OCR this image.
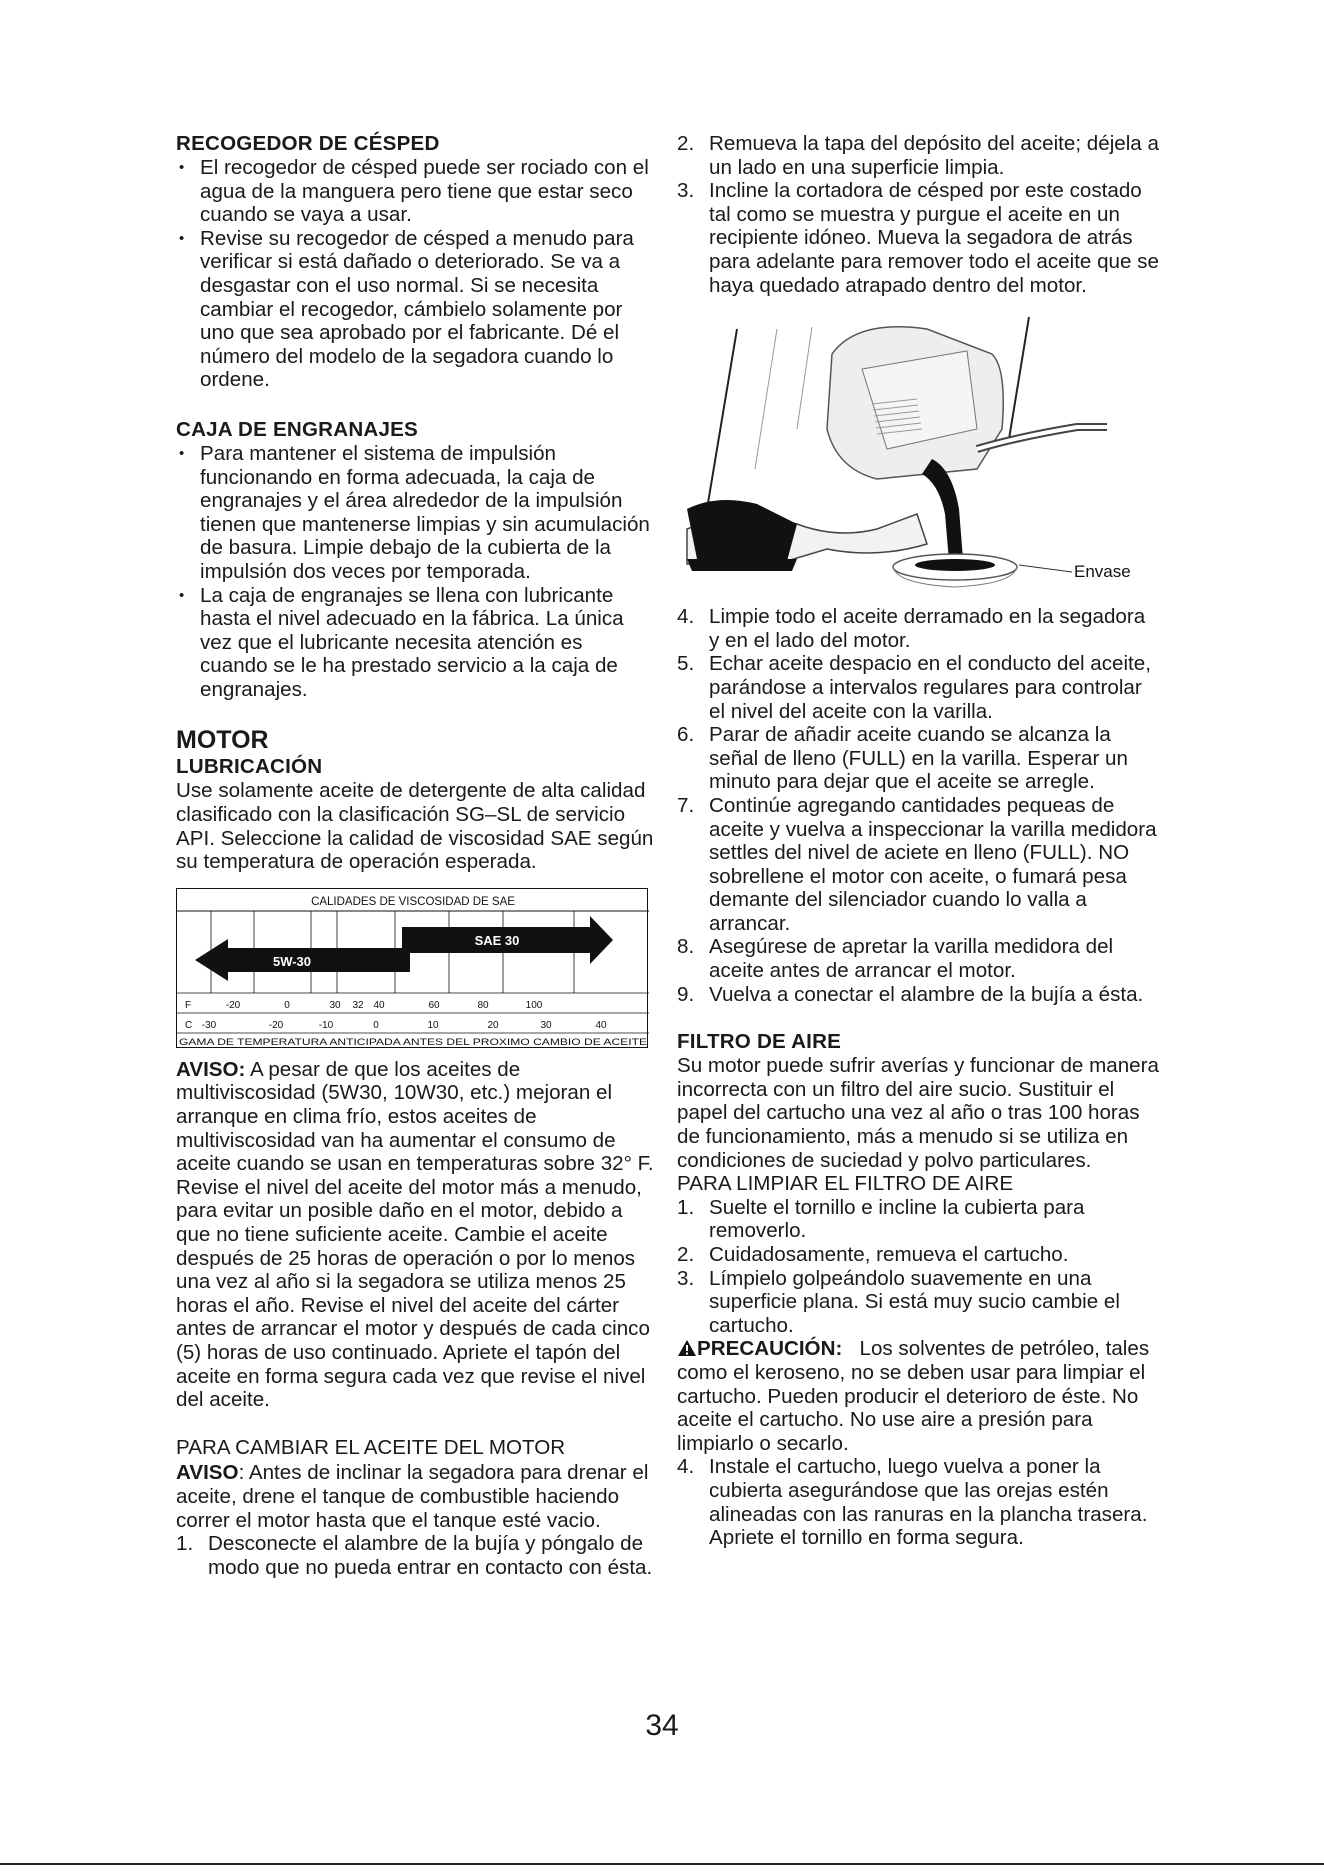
RECOGEDOR DE CÉSPED
• El recogedor de césped puede ser rociado con el agua de la manguera pero tiene que estar seco cuando se vaya a usar.
• Revise su recogedor de césped a menudo para verificar si está dañado o deteriorado. Se va a desgastar con el uso normal. Si se necesita cambiar el recogedor, cámbielo solamente por uno que sea aprobado por el fabricante. Dé el número del modelo de la segadora cuando lo ordene.
CAJA DE ENGRANAJES
• Para mantener el sistema de impulsión funcionando en forma adecuada, la caja de engranajes y el área alrededor de la impulsión tienen que mantenerse limpias y sin acumulación de basura. Limpie debajo de la cubierta de la impulsión dos veces por temporada.
• La caja de engranajes se llena con lubricante hasta el nivel adecuado en la fábrica. La única vez que el lubricante necesita atención es cuando se le ha prestado servicio a la caja de engranajes.
MOTOR
LUBRICACIÓN

Use solamente aceite de detergente de alta calidad clasificado con la clasificación SG–SL de servicio API. Seleccione la calidad de viscosidad SAE según su temperatura de operación esperada.

CALIDADES DE VISCOSIDAD DE SAE
SAE 30
5W-30
F	-20	0	30 32 40	60	80	100
C -30	-20	-10	0	10	20	30	40
GAMA DE TEMPERATURA ANTICIPADA ANTES DEL PROXIMO CAMBIO DE ACEITE

AVISO: A pesar de que los aceites de multiviscosidad (5W30, 10W30, etc.) mejoran el arranque en clima frío, estos aceites de multiviscosidad van ha aumentar el consumo de aceite cuando se usan en temperaturas sobre 32° F. Revise el nivel del aceite del motor más a menudo, para evitar un posible daño en el motor, debido a que no tiene suficiente aceite. Cambie el aceite después de 25 horas de operación o por lo menos una vez al año si la segadora se utiliza menos 25 horas el año. Revise el nivel del aceite del cárter antes de arrancar el motor y después de cada cinco (5) horas de uso continuado. Apriete el tapón del aceite en forma segura cada vez que revise el nivel del aceite.

PARA CAMBIAR EL ACEITE DEL MOTOR

AVISO: Antes de inclinar la segadora para drenar el aceite, drene el tanque de combustible haciendo correr el motor hasta que el tanque esté vacio.

1. Desconecte el alambre de la bujía y póngalo de modo que no pueda entrar en contacto con ésta.
2. Remueva la tapa del depósito del aceite; déjela a un lado en una superficie limpia.
3. Incline la cortadora de césped por este costado tal como se muestra y purgue el aceite en un recipiente idóneo. Mueva la segadora de atrás para adelante para remover todo el aceite que se haya quedado atrapado dentro del motor.
Envase
4. Limpie todo el aceite derramado en la segadora y en el lado del motor.
5. Echar aceite despacio en el conducto del aceite, parándose a intervalos regulares para controlar el nivel del aceite con la varilla.
6. Parar de añadir aceite cuando se alcanza la señal de lleno (FULL) en la varilla. Esperar un minuto para dejar que el aceite se arregle.
7. Continúe agregando cantidades pequeas de aceite y vuelva a inspeccionar la varilla medidora settles del nivel de aciete en lleno (FULL). NO sobrellene el motor con aceite, o fumará pesa demante del silenciador cuando lo valla a arrancar.
8. Asegúrese de apretar la varilla medidora del aceite antes de arrancar el motor.
9. Vuelva a conectar el alambre de la bujía a ésta.
FILTRO DE AIRE

Su motor puede sufrir averías y funcionar de manera incorrecta con un filtro del aire sucio. Sustituir el papel del cartucho una vez al año o tras 100 horas de funcionamiento, más a menudo si se utiliza en condiciones de suciedad y polvo particulares.

PARA LIMPIAR EL FILTRO DE AIRE

1. Suelte el tornillo e incline la cubierta para removerlo.
2. Cuidadosamente, remueva el cartucho.
3. Límpielo golpeándolo suavemente en una superficie plana. Si está muy sucio cambie el cartucho.

PRECAUCIÓN: Los solventes de petróleo, tales como el keroseno, no se deben usar para limpiar el cartucho. Pueden producir el deterioro de éste. No aceite el cartucho. No use aire a presión para limpiarlo o secarlo.

4. Instale el cartucho, luego vuelva a poner la cubierta asegurándose que las orejas estén alineadas con las ranuras en la plancha trasera. Apriete el tornillo en forma segura.
34
